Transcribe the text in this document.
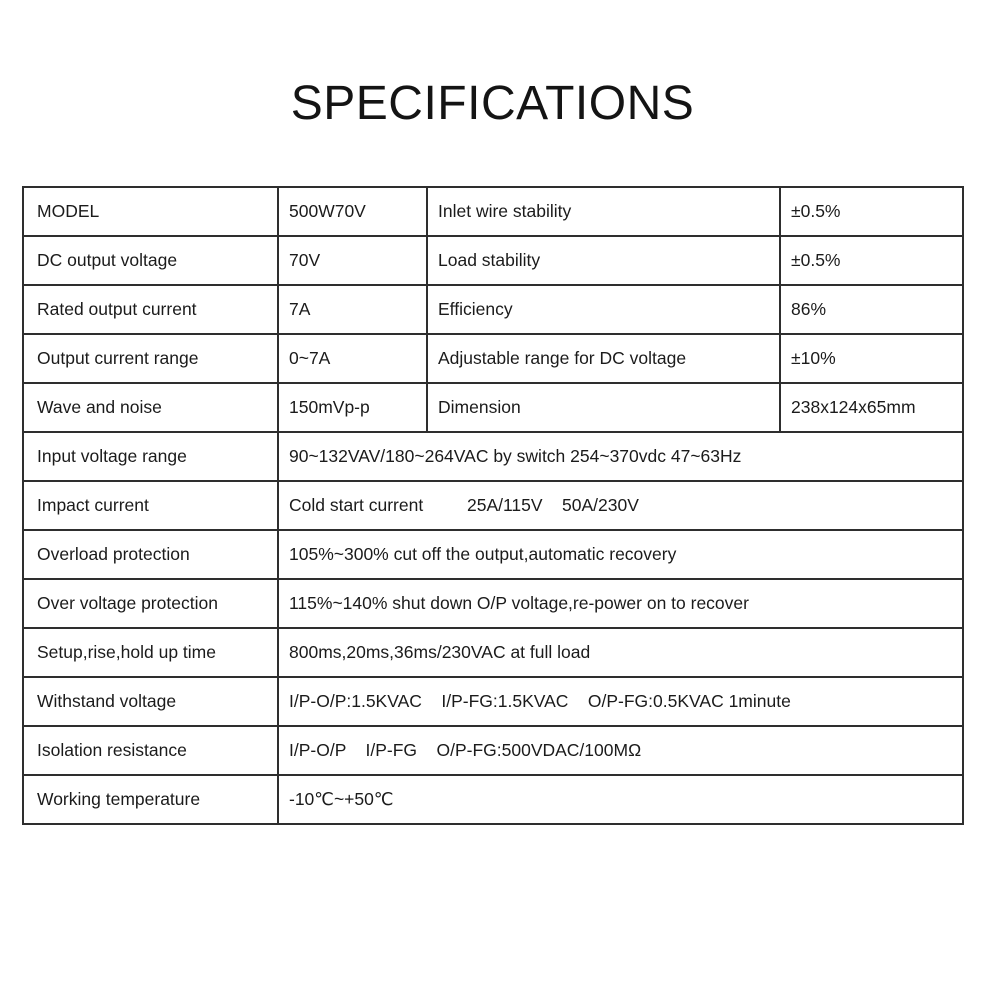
SPECIFICATIONS
MODEL	500W70V	Inlet wire stability	±0.5%
DC output voltage	70V	Load stability	±0.5%
Rated output current	7A	Efficiency	86%
Output current range	0~7A	Adjustable range for DC voltage	±10%
Wave and noise	150mVp-p	Dimension	238x124x65mm
Input voltage range	90~132VAV/180~264VAC by switch 254~370vdc 47~63Hz		
Impact current	Cold start current         25A/115V    50A/230V		
Overload protection	105%~300% cut off the output,automatic recovery		
Over voltage protection	115%~140% shut down O/P voltage,re-power on to recover		
Setup,rise,hold up time	800ms,20ms,36ms/230VAC at full load		
Withstand voltage	I/P-O/P:1.5KVAC    I/P-FG:1.5KVAC    O/P-FG:0.5KVAC 1minute		
Isolation resistance	I/P-O/P    I/P-FG    O/P-FG:500VDAC/100MΩ		
Working temperature	-10℃~+50℃		
